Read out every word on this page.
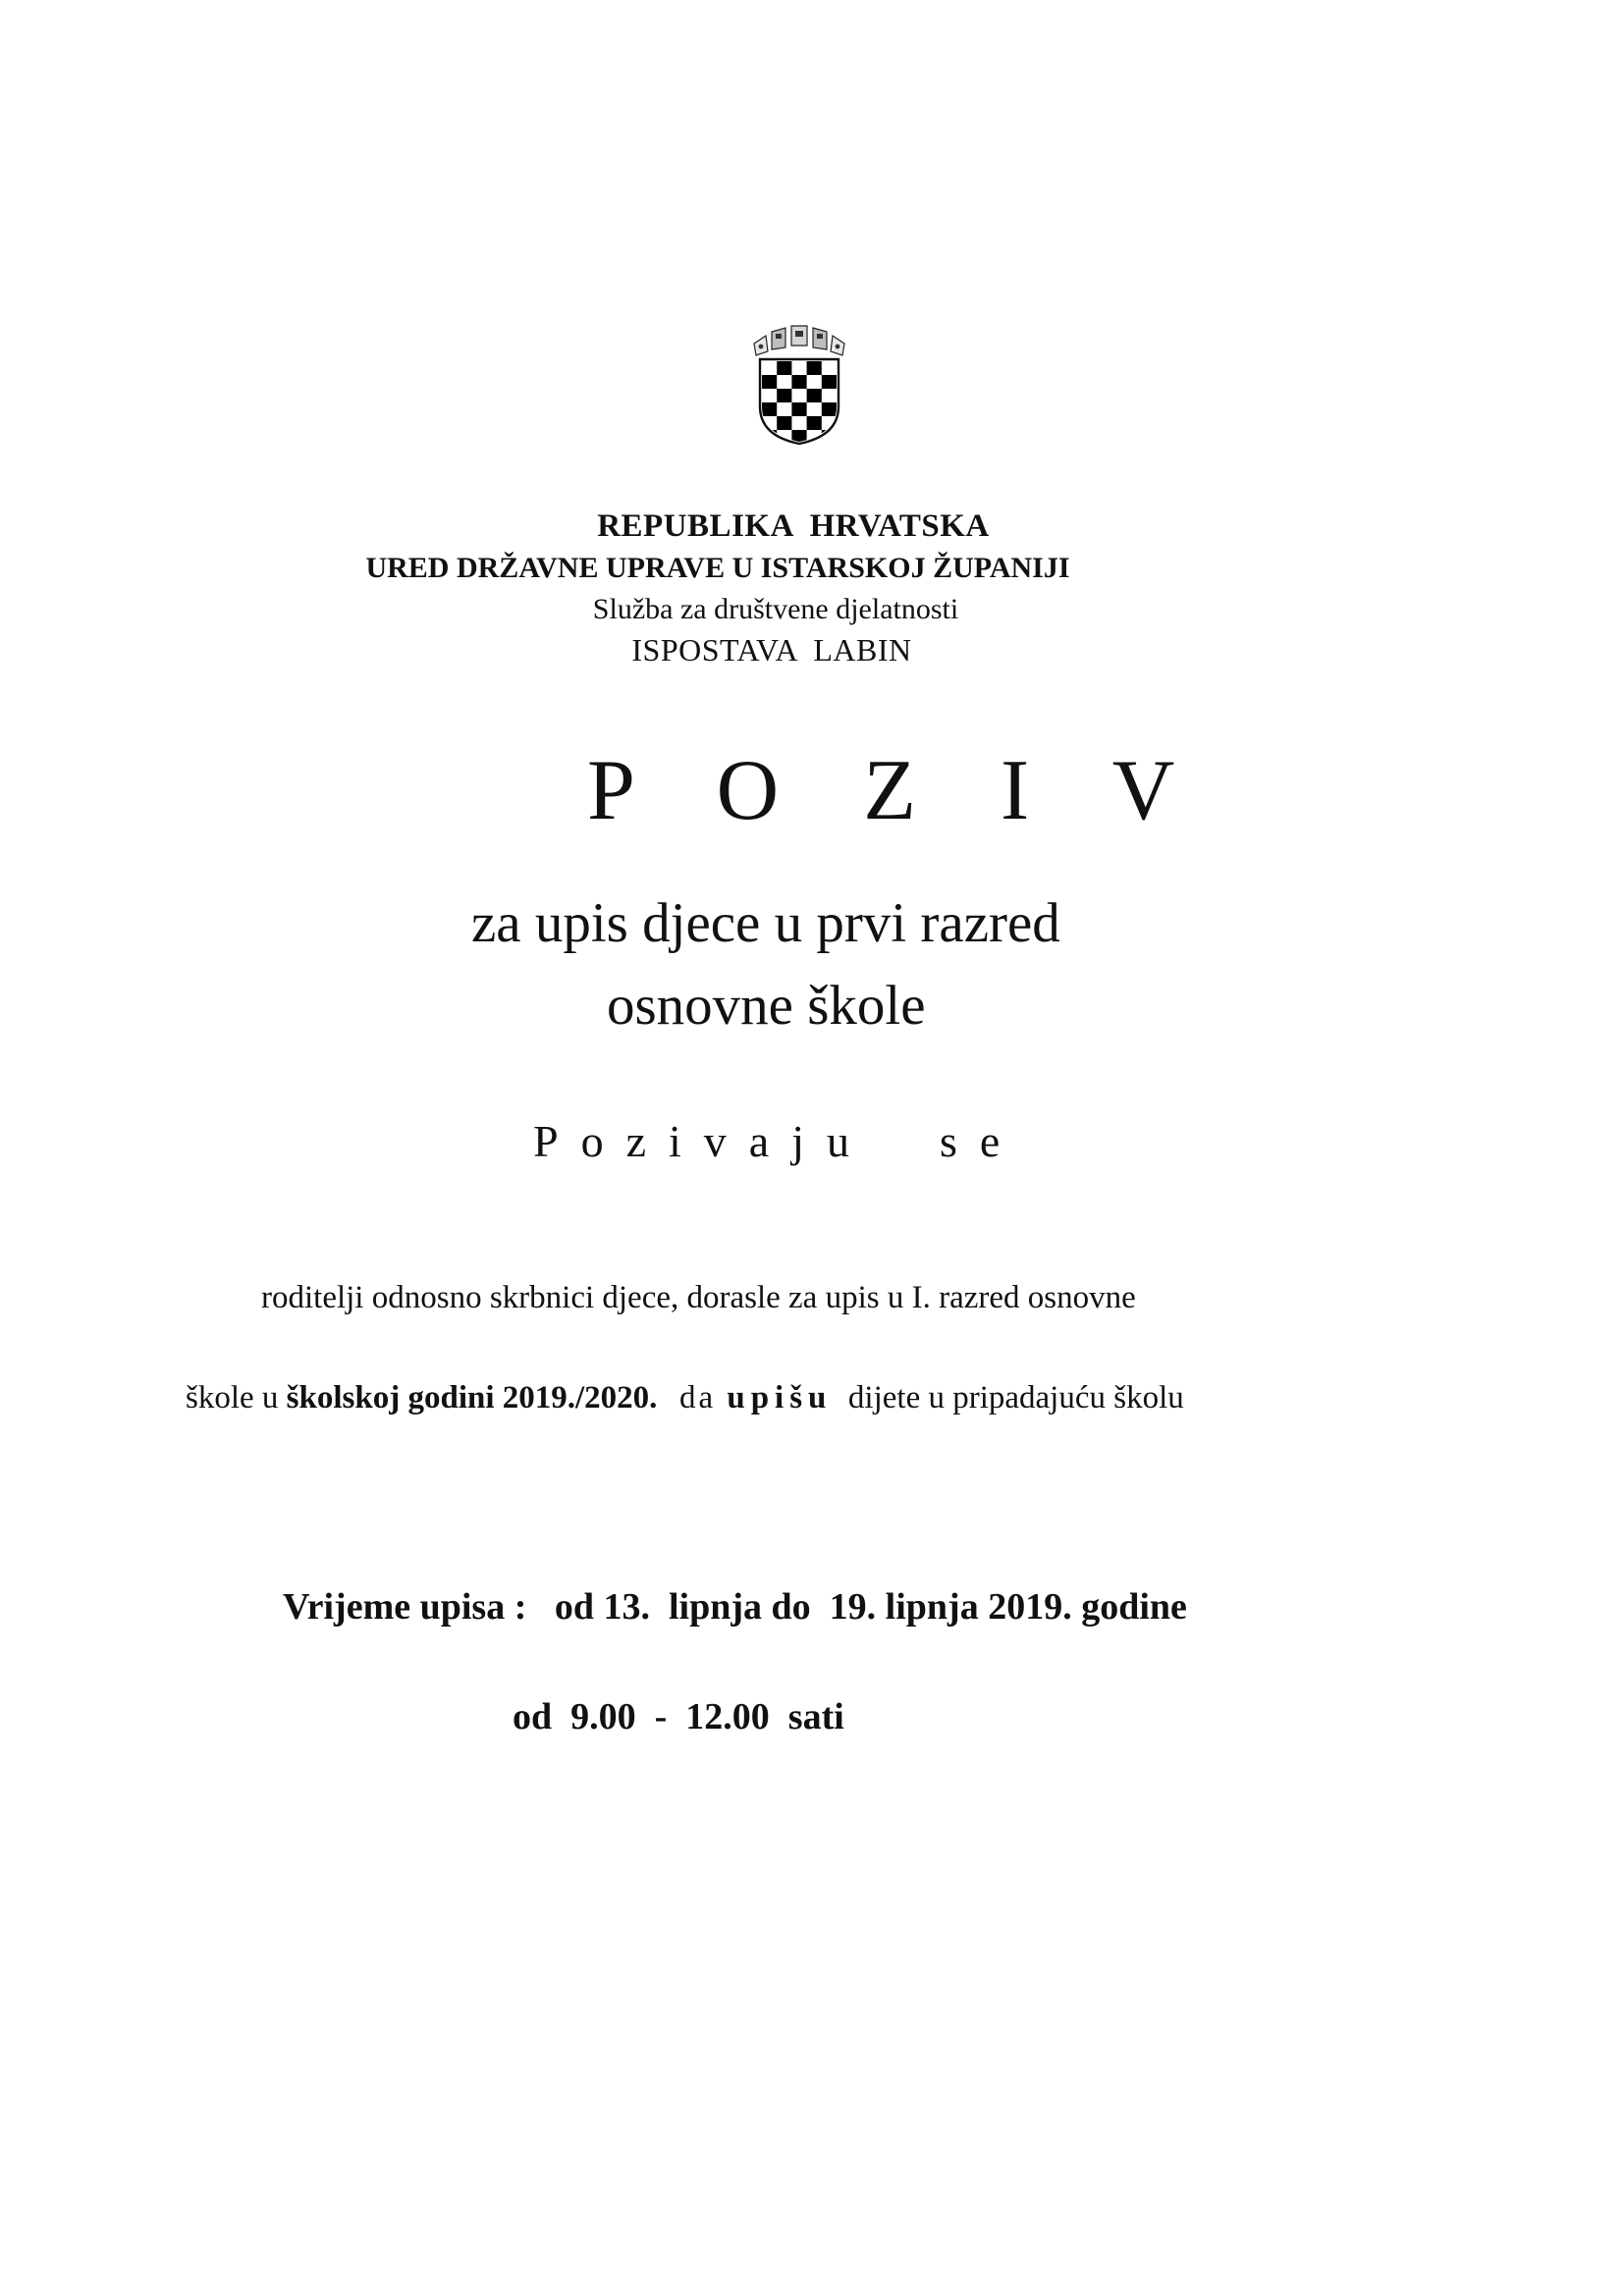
REPUBLIKA  HRVATSKA
URED DRŽAVNE UPRAVE U ISTARSKOJ ŽUPANIJI
Služba za društvene djelatnosti
ISPOSTAVA  LABIN
P O Z I V
za upis djece u prvi razred
osnovne škole
Pozivaju  se
roditelji odnosno skrbnici djece, dorasle za upis u I. razred osnovne
škole u školskoj godini 2019./2020.  da upišu  dijete u pripadajuću školu
Vrijeme upisa :   od 13.  lipnja do  19. lipnja 2019. godine
od  9.00  -  12.00  sati
